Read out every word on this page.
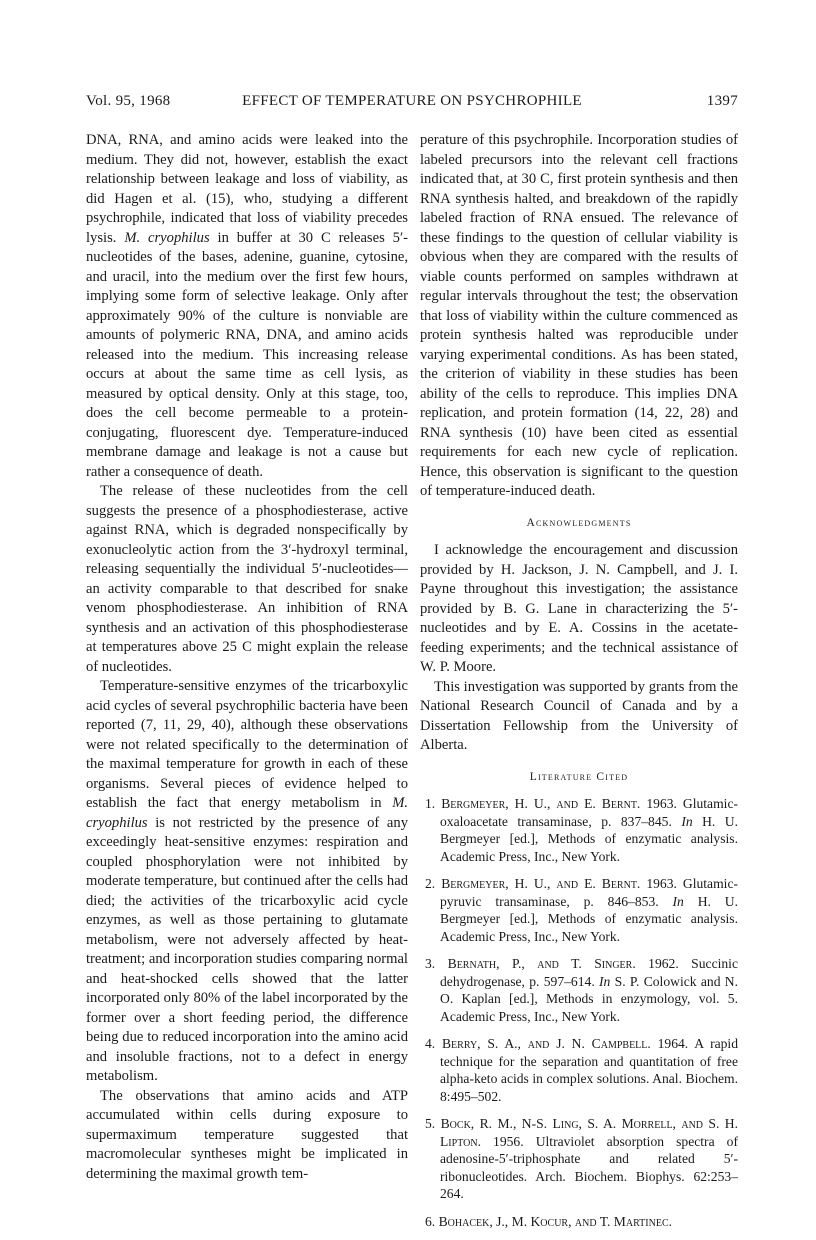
Vol. 95, 1968	EFFECT OF TEMPERATURE ON PSYCHROPHILE	1397

DNA, RNA, and amino acids were leaked into the medium. They did not, however, establish the exact relationship between leakage and loss of viability, as did Hagen et al. (15), who, studying a different psychrophile, indicated that loss of viability precedes lysis. M. cryophilus in buffer at 30 C releases 5′-nucleotides of the bases, adenine, guanine, cytosine, and uracil, into the medium over the first few hours, implying some form of selective leakage. Only after approximately 90% of the culture is nonviable are amounts of polymeric RNA, DNA, and amino acids released into the medium. This increasing release occurs at about the same time as cell lysis, as measured by optical density. Only at this stage, too, does the cell become permeable to a protein-conjugating, fluorescent dye. Temperature-induced membrane damage and leakage is not a cause but rather a consequence of death.

The release of these nucleotides from the cell suggests the presence of a phosphodiesterase, active against RNA, which is degraded nonspecifically by exonucleolytic action from the 3′-hydroxyl terminal, releasing sequentially the individual 5′-nucleotides—an activity comparable to that described for snake venom phosphodiesterase. An inhibition of RNA synthesis and an activation of this phosphodiesterase at temperatures above 25 C might explain the release of nucleotides.

Temperature-sensitive enzymes of the tricarboxylic acid cycles of several psychrophilic bacteria have been reported (7, 11, 29, 40), although these observations were not related specifically to the determination of the maximal temperature for growth in each of these organisms. Several pieces of evidence helped to establish the fact that energy metabolism in M. cryophilus is not restricted by the presence of any exceedingly heat-sensitive enzymes: respiration and coupled phosphorylation were not inhibited by moderate temperature, but continued after the cells had died; the activities of the tricarboxylic acid cycle enzymes, as well as those pertaining to glutamate metabolism, were not adversely affected by heat-treatment; and incorporation studies comparing normal and heat-shocked cells showed that the latter incorporated only 80% of the label incorporated by the former over a short feeding period, the difference being due to reduced incorporation into the amino acid and insoluble fractions, not to a defect in energy metabolism.

The observations that amino acids and ATP accumulated within cells during exposure to supermaximum temperature suggested that macromolecular syntheses might be implicated in determining the maximal growth tem-

perature of this psychrophile. Incorporation studies of labeled precursors into the relevant cell fractions indicated that, at 30 C, first protein synthesis and then RNA synthesis halted, and breakdown of the rapidly labeled fraction of RNA ensued. The relevance of these findings to the question of cellular viability is obvious when they are compared with the results of viable counts performed on samples withdrawn at regular intervals throughout the test; the observation that loss of viability within the culture commenced as protein synthesis halted was reproducible under varying experimental conditions. As has been stated, the criterion of viability in these studies has been ability of the cells to reproduce. This implies DNA replication, and protein formation (14, 22, 28) and RNA synthesis (10) have been cited as essential requirements for each new cycle of replication. Hence, this observation is significant to the question of temperature-induced death.

Acknowledgments

I acknowledge the encouragement and discussion provided by H. Jackson, J. N. Campbell, and J. I. Payne throughout this investigation; the assistance provided by B. G. Lane in characterizing the 5′-nucleotides and by E. A. Cossins in the acetate-feeding experiments; and the technical assistance of W. P. Moore.

This investigation was supported by grants from the National Research Council of Canada and by a Dissertation Fellowship from the University of Alberta.

Literature Cited
1. Bergmeyer, H. U., and E. Bernt. 1963. Glutamic-oxaloacetate transaminase, p. 837–845. In H. U. Bergmeyer [ed.], Methods of enzymatic analysis. Academic Press, Inc., New York.
2. Bergmeyer, H. U., and E. Bernt. 1963. Glutamic-pyruvic transaminase, p. 846–853. In H. U. Bergmeyer [ed.], Methods of enzymatic analysis. Academic Press, Inc., New York.
3. Bernath, P., and T. Singer. 1962. Succinic dehydrogenase, p. 597–614. In S. P. Colowick and N. O. Kaplan [ed.], Methods in enzymology, vol. 5. Academic Press, Inc., New York.
4. Berry, S. A., and J. N. Campbell. 1964. A rapid technique for the separation and quantitation of free alpha-keto acids in complex solutions. Anal. Biochem. 8:495–502.
5. Bock, R. M., N-S. Ling, S. A. Morrell, and S. H. Lipton. 1956. Ultraviolet absorption spectra of adenosine-5′-triphosphate and related 5′-ribonucleotides. Arch. Biochem. Biophys. 62:253–264.
6. Bohacek, J., M. Kocur, and T. Martinec.
